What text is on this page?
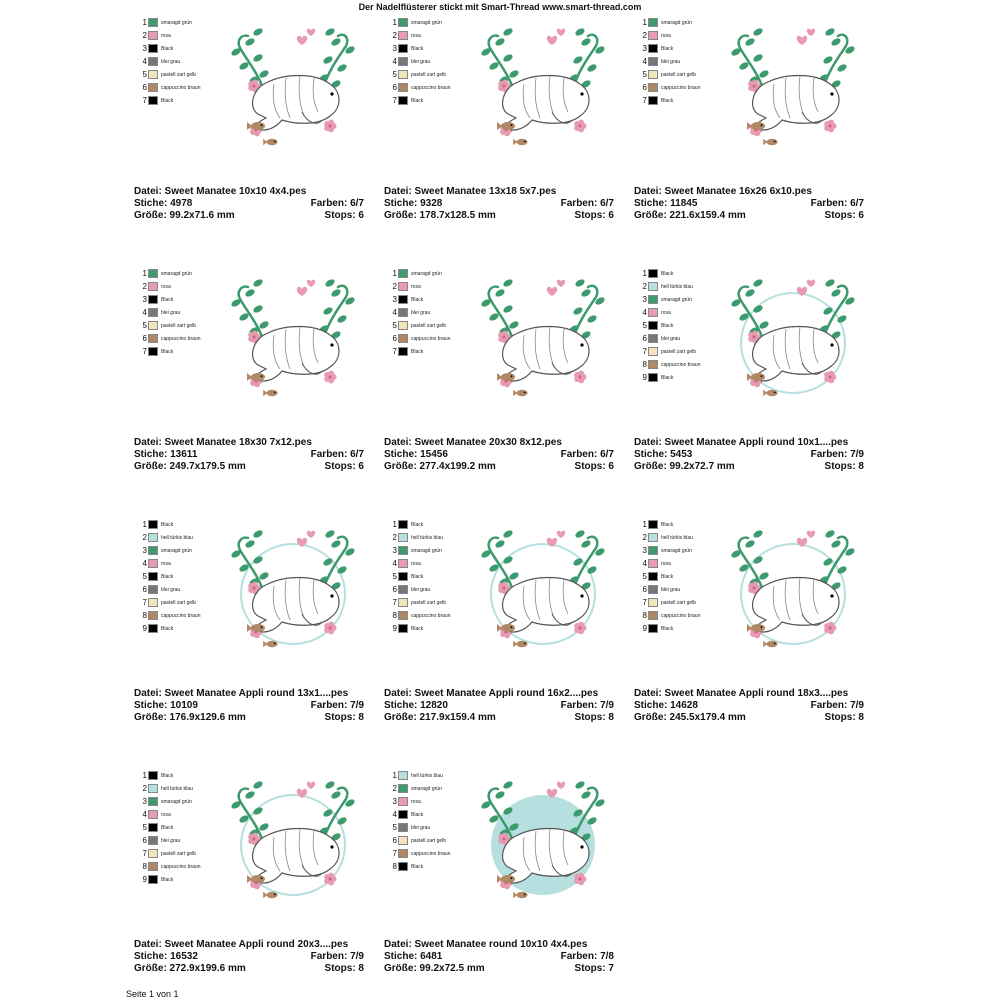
Der Nadelflüsterer stickt mit Smart-Thread www.smart-thread.com
1	smaragd grün
2	rosa
3	Black
4	blei grau
5	pastell zart gelb
6	cappuccino braun
7	Black
Datei: Sweet Manatee 10x10 4x4.pes
Stiche: 4978	Farben: 6/7
Größe: 99.2x71.6 mm	Stops: 6
1	smaragd grün
2	rosa
3	Black
4	blei grau
5	pastell zart gelb
6	cappuccino braun
7	Black
Datei: Sweet Manatee 13x18 5x7.pes
Stiche: 9328	Farben: 6/7
Größe: 178.7x128.5 mm	Stops: 6
1	smaragd grün
2	rosa
3	Black
4	blei grau
5	pastell zart gelb
6	cappuccino braun
7	Black
Datei: Sweet Manatee 16x26 6x10.pes
Stiche: 11845	Farben: 6/7
Größe: 221.6x159.4 mm	Stops: 6
1	smaragd grün
2	rosa
3	Black
4	blei grau
5	pastell zart gelb
6	cappuccino braun
7	Black
Datei: Sweet Manatee 18x30 7x12.pes
Stiche: 13611	Farben: 6/7
Größe: 249.7x179.5 mm	Stops: 6
1	smaragd grün
2	rosa
3	Black
4	blei grau
5	pastell zart gelb
6	cappuccino braun
7	Black
Datei: Sweet Manatee 20x30 8x12.pes
Stiche: 15456	Farben: 6/7
Größe: 277.4x199.2 mm	Stops: 6
1	Black
2	hell türkis blau
3	smaragd grün
4	rosa
5	Black
6	blei grau
7	pastell zart gelb
8	cappuccino braun
9	Black
Datei: Sweet Manatee Appli round 10x1....pes
Stiche: 5453	Farben: 7/9
Größe: 99.2x72.7 mm	Stops: 8
1	Black
2	hell türkis blau
3	smaragd grün
4	rosa
5	Black
6	blei grau
7	pastell zart gelb
8	cappuccino braun
9	Black
Datei: Sweet Manatee Appli round 13x1....pes
Stiche: 10109	Farben: 7/9
Größe: 176.9x129.6 mm	Stops: 8
1	Black
2	hell türkis blau
3	smaragd grün
4	rosa
5	Black
6	blei grau
7	pastell zart gelb
8	cappuccino braun
9	Black
Datei: Sweet Manatee Appli round 16x2....pes
Stiche: 12820	Farben: 7/9
Größe: 217.9x159.4 mm	Stops: 8
1	Black
2	hell türkis blau
3	smaragd grün
4	rosa
5	Black
6	blei grau
7	pastell zart gelb
8	cappuccino braun
9	Black
Datei: Sweet Manatee Appli round 18x3....pes
Stiche: 14628	Farben: 7/9
Größe: 245.5x179.4 mm	Stops: 8
1	Black
2	hell türkis blau
3	smaragd grün
4	rosa
5	Black
6	blei grau
7	pastell zart gelb
8	cappuccino braun
9	Black
Datei: Sweet Manatee Appli round 20x3....pes
Stiche: 16532	Farben: 7/9
Größe: 272.9x199.6 mm	Stops: 8
1	hell türkis blau
2	smaragd grün
3	rosa
4	Black
5	blei grau
6	pastell zart gelb
7	cappuccino braun
8	Black
Datei: Sweet Manatee round 10x10 4x4.pes
Stiche: 6481	Farben: 7/8
Größe: 99.2x72.5 mm	Stops: 7
Seite 1 von 1
